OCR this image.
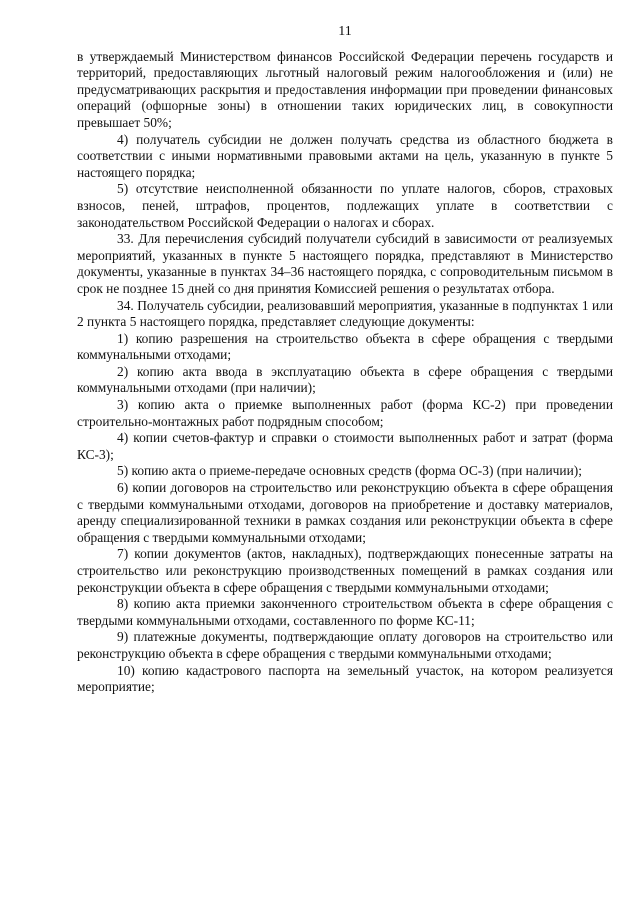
11

в утверждаемый Министерством финансов Российской Федерации перечень государств и территорий, предоставляющих льготный налоговый режим налогообложения и (или) не предусматривающих раскрытия и предоставления информации при проведении финансовых операций (офшорные зоны) в отношении таких юридических лиц, в совокупности превышает 50%;

4) получатель субсидии не должен получать средства из областного бюджета в соответствии с иными нормативными правовыми актами на цель, указанную в пункте 5 настоящего порядка;

5) отсутствие неисполненной обязанности по уплате налогов, сборов, страховых взносов, пеней, штрафов, процентов, подлежащих уплате в соответствии с законодательством Российской Федерации о налогах и сборах.

33. Для перечисления субсидий получатели субсидий в зависимости от реализуемых мероприятий, указанных в пункте 5 настоящего порядка, представляют в Министерство документы, указанные в пунктах 34–36 настоящего порядка, с сопроводительным письмом в срок не позднее 15 дней со дня принятия Комиссией решения о результатах отбора.

34. Получатель субсидии, реализовавший мероприятия, указанные в подпунктах 1 или 2 пункта 5 настоящего порядка, представляет следующие документы:

1) копию разрешения на строительство объекта в сфере обращения с твердыми коммунальными отходами;

2) копию акта ввода в эксплуатацию объекта в сфере обращения с твердыми коммунальными отходами (при наличии);

3) копию акта о приемке выполненных работ (форма КС-2) при проведении строительно-монтажных работ подрядным способом;

4) копии счетов-фактур и справки о стоимости выполненных работ и затрат (форма КС-3);

5) копию акта о приеме-передаче основных средств (форма ОС-3) (при наличии);

6) копии договоров на строительство или реконструкцию объекта в сфере обращения с твердыми коммунальными отходами, договоров на приобретение и доставку материалов, аренду специализированной техники в рамках создания или реконструкции объекта в сфере обращения с твердыми коммунальными отходами;

7) копии документов (актов, накладных), подтверждающих понесенные затраты на строительство или реконструкцию производственных помещений в рамках создания или реконструкции объекта в сфере обращения с твердыми коммунальными отходами;

8) копию акта приемки законченного строительством объекта в сфере обращения с твердыми коммунальными отходами, составленного по форме КС-11;

9) платежные документы, подтверждающие оплату договоров на строительство или реконструкцию объекта в сфере обращения с твердыми коммунальными отходами;

10) копию кадастрового паспорта на земельный участок, на котором реализуется мероприятие;
